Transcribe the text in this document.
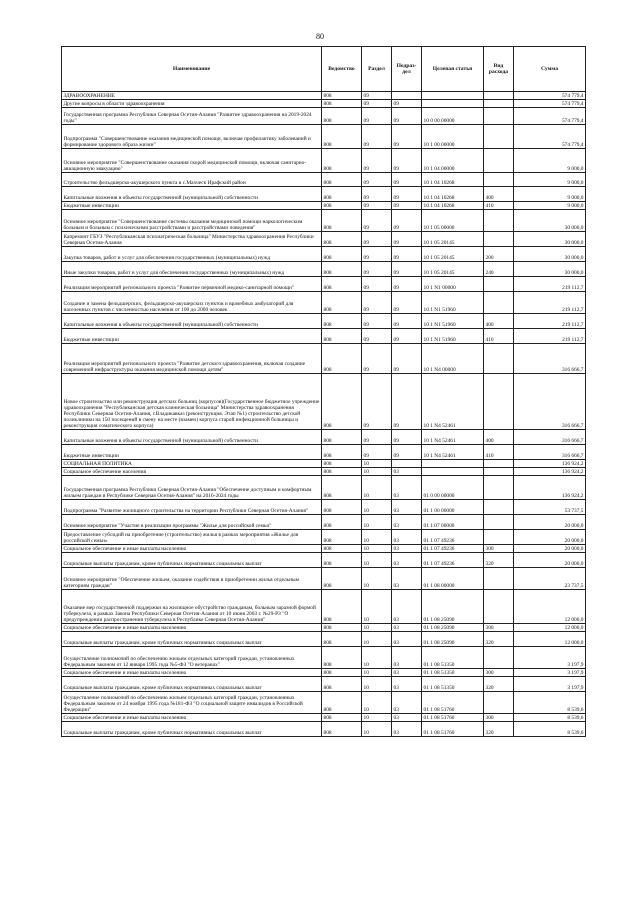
80
Наименование	Ведомство	Раздел	Подраз-дел	Целевая статья	Вид расхода	Сумма
ЗДРАВООХРАНЕНИЕ	808	09				574 779,4
Другие вопросы в области здравоохранения	808	09	09			574 779,4
Государственная программа Республики Северная Осетия-Алания "Развитие здравоохранения на 2019-2024 годы"	808	09	09	10 0 00 00000		574 779,4
Подпрограмма "Совершенствование оказания медицинской помощи, включая профилактику заболеваний и формирование здорового образа жизни"	808	09	09	10 1 00 00000		574 779,4
Основное мероприятие "Совершенствование оказания скорой медицинской помощи, включая санитарно-авиационную эвакуацию"	808	09	09	10 1 04 00000		9 000,0
Строительство фельдшерско-акушерского пункта в с.Махческ Ирафский район	808	09	09	10 1 04 10268		9 000,0
Капитальные вложения в объекты государственной (муниципальной) собственности	808	09	09	10 1 04 10268	400	9 000,0
Бюджетные инвестиции	808	09	09	10 1 04 10268	410	9 000,0
Основное мероприятие "Совершенствование системы оказания медицинской помощи наркологическим больным и больным с психическими расстройствами и расстройствами поведения"	808	09	09	10 1 05 00000		30 000,0
Капремонт ГБУЗ "Республиканская психиатрическая больница" Министерства здравоохранения Республики Северная Осетия-Алания	808	09	09	10 1 05 20145		30 000,0
Закупка товаров, работ и услуг для обеспечения государственных (муниципальных) нужд	808	09	09	10 1 05 20145	200	30 000,0
Иные закупки товаров, работ и услуг для обеспечения государственных (муниципальных) нужд	808	09	09	10 1 05 20145	240	30 000,0
Реализация мероприятий регионального проекта "Развитие первичной медико-санитарной помощи"	808	09	09	10 1 N1 00000		219 112,7
Создание и замена фельдшерских, фельдшерско-акушерских пунктов и врачебных амбулаторий для населенных пунктов с численностью населения от 100 до 2000 человек	808	09	09	10 1 N1 51960		219 112,7
Капитальные вложения в объекты государственной (муниципальной) собственности	808	09	09	10 1 N1 51960	400	219 112,7
Бюджетные инвестиции	808	09	09	10 1 N1 51960	410	219 112,7
Реализация мероприятий регионального проекта "Развитие детского здравоохранения, включая создание современной инфраструктуры оказания медицинской помощи детям"	808	09	09	10 1 N4 00000		316 666,7
Новое строительство или реконструкция детских больниц (корпусов)(Государственное бюджетное учреждение здравоохранения "Республиканская детская клиническая больница" Министерства здравоохранения Республики Северная Осетия-Алания, г.Владикавказ (реконструкция. Этап №1) строительство детской поликлиники на 150 посещений в смену на месте (взамен) корпуса старой инфекционной больницы и реконструкция соматического корпуса)	808	09	09	10 1 N4 52461		316 666,7
Капитальные вложения в объекты государственной (муниципальной) собственности	808	09	09	10 1 N4 52461	400	316 666,7
Бюджетные инвестиции	808	09	09	10 1 N4 52461	410	316 666,7
СОЦИАЛЬНАЯ ПОЛИТИКА	808	10				136 924,2
Социальное обеспечение населения	808	10	03			136 924,2
Государственная программа Республики Северная Осетия-Алания "Обеспечение доступным и комфортным жильем граждан в Республике Северная Осетия-Алания" на 2016-2024 годы	808	10	03	01 0 00 00000		136 924,2
Подпрограмма "Развитие жилищного строительства на территории Республики Северная Осетия-Алания"	808	10	03	01 1 00 00000		53 737,5
Основное мероприятие "Участие в реализации программы "Жилье для российской семьи"	808	10	03	01 1 07 00000		20 000,0
Предоставление субсидий на приобретение (строительство) жилья в рамках мероприятия «Жилье для российской семьи»	808	10	03	01 1 07 49236		20 000,0
Социальное обеспечение и иные выплаты населению	808	10	03	01 1 07 49236	300	20 000,0
Социальные выплаты гражданам, кроме публичных нормативных социальных выплат	808	10	03	01 1 07 49236	320	20 000,0
Основное мероприятие "Обеспечение жильем, оказание содействия в приобретении жилья отдельным категориям граждан"	808	10	03	01 1 08 00000		23 737,5
Оказание мер государственной поддержки на жилищное обустройство гражданам, больным заразной формой туберкулеза, в рамках Закона Республики Северная Осетия-Алания от 10 июня 2003 г. №29-РЗ "О предупреждении распространения туберкулеза в Республике Северная Осетия-Алания"	808	10	03	01 1 08 25090		12 000,0
Социальное обеспечение и иные выплаты населению	808	10	03	01 1 08 25090	300	12 000,0
Социальные выплаты гражданам, кроме публичных нормативных социальных выплат	808	10	03	01 1 08 25090	320	12 000,0
Осуществление полномочий по обеспечению жильем отдельных категорий граждан, установленных Федеральным законом от 12 января 1995 года №5-ФЗ "О ветеранах"	808	10	03	01 1 08 51350		3 197,9
Социальное обеспечение и иные выплаты населению	808	10	03	01 1 08 51350	300	3 197,9
Социальные выплаты гражданам, кроме публичных нормативных социальных выплат	808	10	03	01 1 08 51350	320	3 197,9
Осуществление полномочий по обеспечению жильем отдельных категорий граждан, установленных Федеральным законом от 24 ноября 1995 года №181-ФЗ "О социальной защите инвалидов в Российской Федерации"	808	10	03	01 1 08 51760		8 539,6
Социальное обеспечение и иные выплаты населению	808	10	03	01 1 08 51760	300	8 539,6
Социальные выплаты гражданам, кроме публичных нормативных социальных выплат	808	10	03	01 1 08 51760	320	8 539,6
